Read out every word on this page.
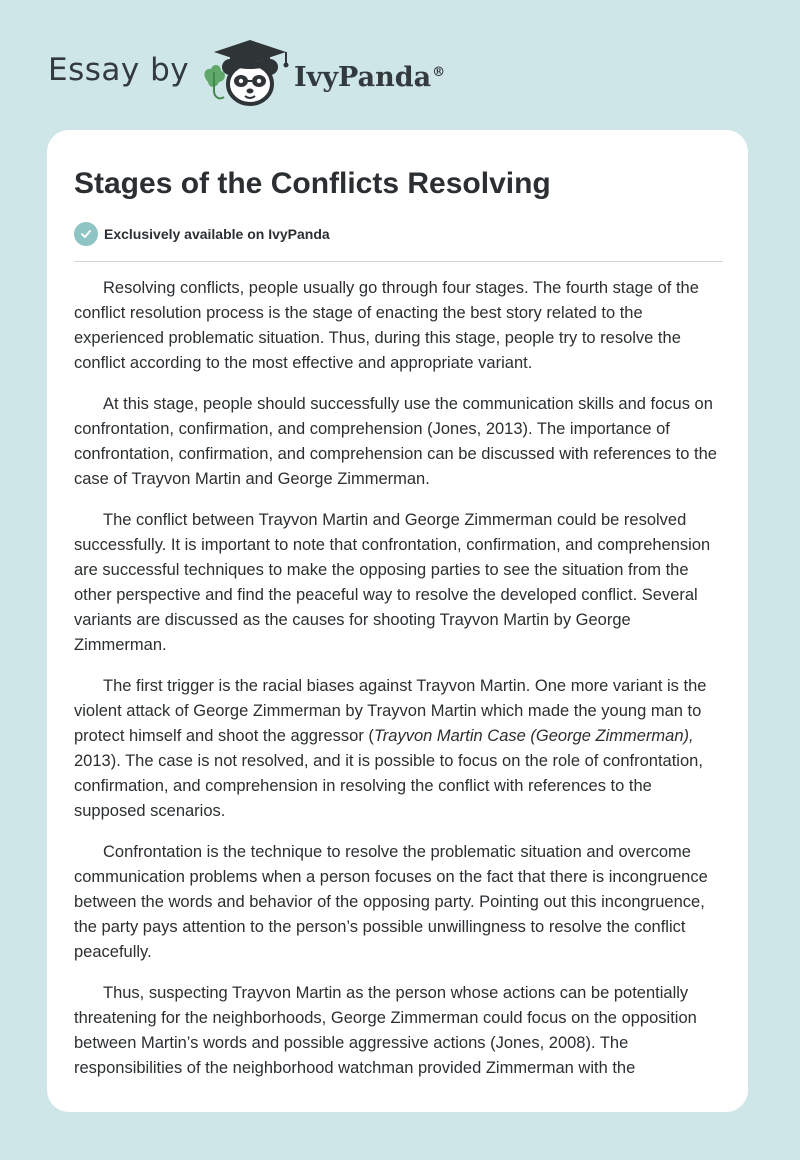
Essay by	IvyPanda®
Stages of the Conflicts Resolving
Exclusively available on IvyPanda

Resolving conflicts, people usually go through four stages. The fourth stage of the conflict resolution process is the stage of enacting the best story related to the experienced problematic situation. Thus, during this stage, people try to resolve the conflict according to the most effective and appropriate variant.

At this stage, people should successfully use the communication skills and focus on confrontation, confirmation, and comprehension (Jones, 2013). The importance of confrontation, confirmation, and comprehension can be discussed with references to the case of Trayvon Martin and George Zimmerman.

The conflict between Trayvon Martin and George Zimmerman could be resolved successfully. It is important to note that confrontation, confirmation, and comprehension are successful techniques to make the opposing parties to see the situation from the other perspective and find the peaceful way to resolve the developed conflict. Several variants are discussed as the causes for shooting Trayvon Martin by George Zimmerman.

The first trigger is the racial biases against Trayvon Martin. One more variant is the violent attack of George Zimmerman by Trayvon Martin which made the young man to protect himself and shoot the aggressor (Trayvon Martin Case (George Zimmerman), 2013). The case is not resolved, and it is possible to focus on the role of confrontation, confirmation, and comprehension in resolving the conflict with references to the supposed scenarios.

Confrontation is the technique to resolve the problematic situation and overcome communication problems when a person focuses on the fact that there is incongruence between the words and behavior of the opposing party. Pointing out this incongruence, the party pays attention to the person’s possible unwillingness to resolve the conflict peacefully.

Thus, suspecting Trayvon Martin as the person whose actions can be potentially threatening for the neighborhoods, George Zimmerman could focus on the opposition between Martin’s words and possible aggressive actions (Jones, 2008). The responsibilities of the neighborhood watchman provided Zimmerman with the
